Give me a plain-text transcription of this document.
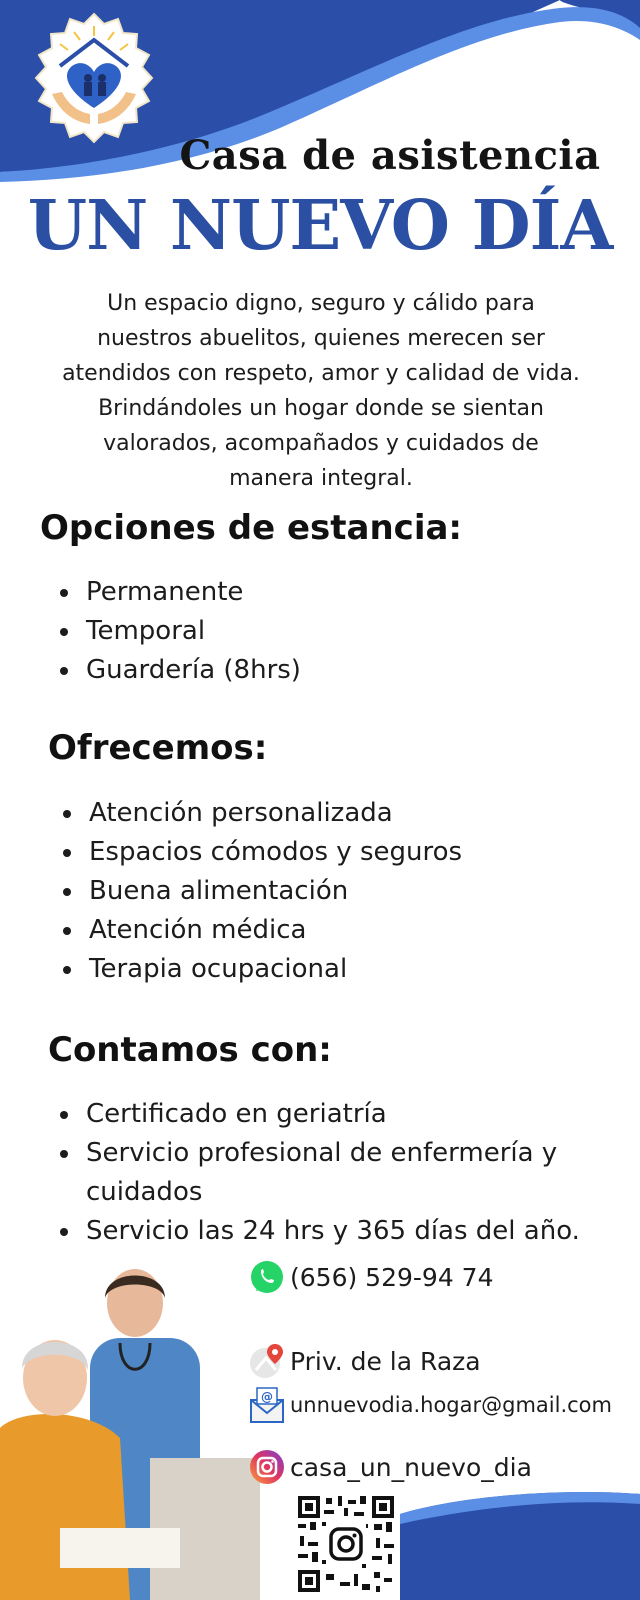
Casa de asistencia
UN NUEVO DÍA
Un espacio digno, seguro y cálido para
nuestros abuelitos, quienes merecen ser
atendidos con respeto, amor y calidad de vida.
Brindándoles un hogar donde se sientan
valorados, acompañados y cuidados de
manera integral.
Opciones de estancia:
• Permanente
• Temporal
• Guardería (8hrs)
Ofrecemos:
• Atención personalizada
• Espacios cómodos y seguros
• Buena alimentación
• Atención médica
• Terapia ocupacional
Contamos con:
• Certificado en geriatría
• Servicio profesional de enfermería y cuidados
• Servicio las 24 hrs y 365 días del año.
(656) 529-94 74
Priv. de la Raza
@ unnuevodia.hogar@gmail.com
casa_un_nuevo_dia
